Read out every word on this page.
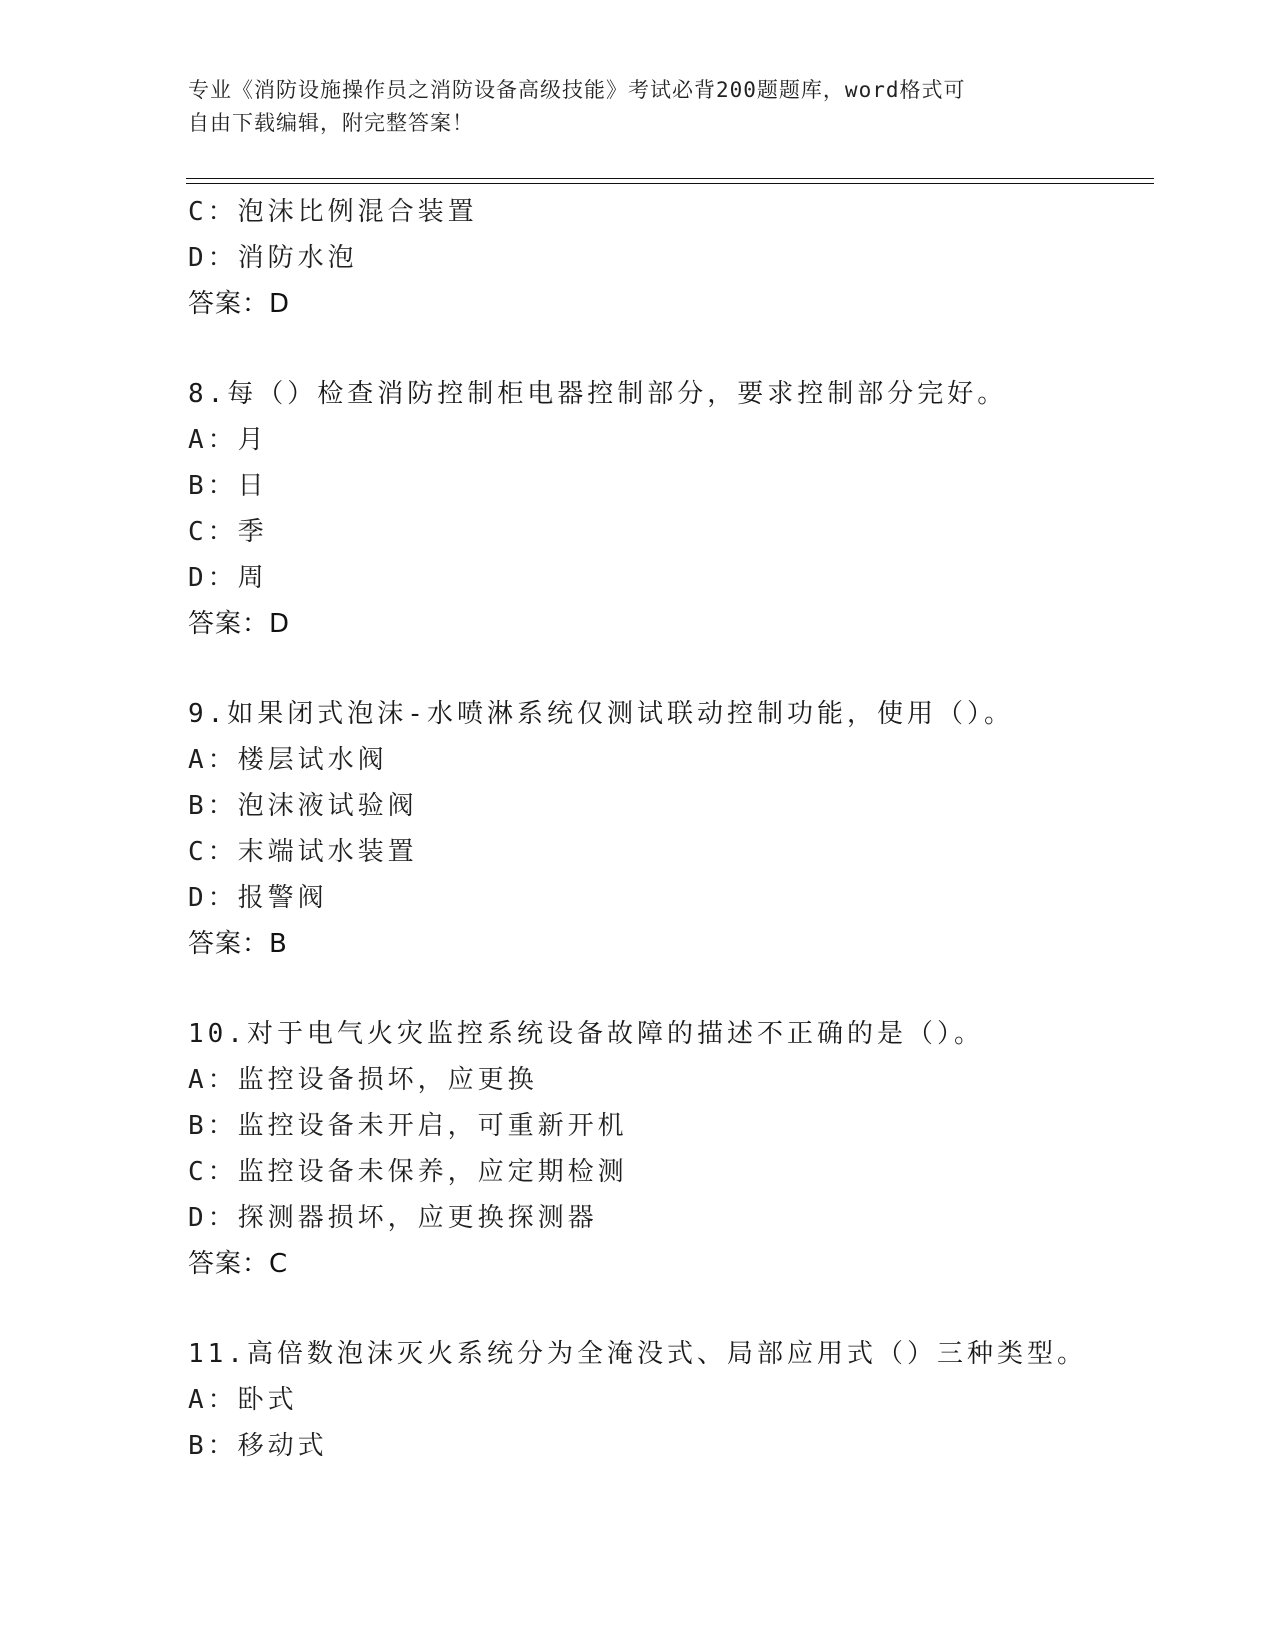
专业《消防设施操作员之消防设备高级技能》考试必背200题题库，word格式可
自由下载编辑，附完整答案！
C：泡沫比例混合装置
D：消防水泡
答案：D
8.每（）检查消防控制柜电器控制部分，要求控制部分完好。
A：月
B：日
C：季
D：周
答案：D
9.如果闭式泡沫-水喷淋系统仅测试联动控制功能，使用（）。
A：楼层试水阀
B：泡沫液试验阀
C：末端试水装置
D：报警阀
答案：B
10.对于电气火灾监控系统设备故障的描述不正确的是（）。
A：监控设备损坏，应更换
B：监控设备未开启，可重新开机
C：监控设备未保养，应定期检测
D：探测器损坏，应更换探测器
答案：C
11.高倍数泡沫灭火系统分为全淹没式、局部应用式（）三种类型。
A：卧式
B：移动式
